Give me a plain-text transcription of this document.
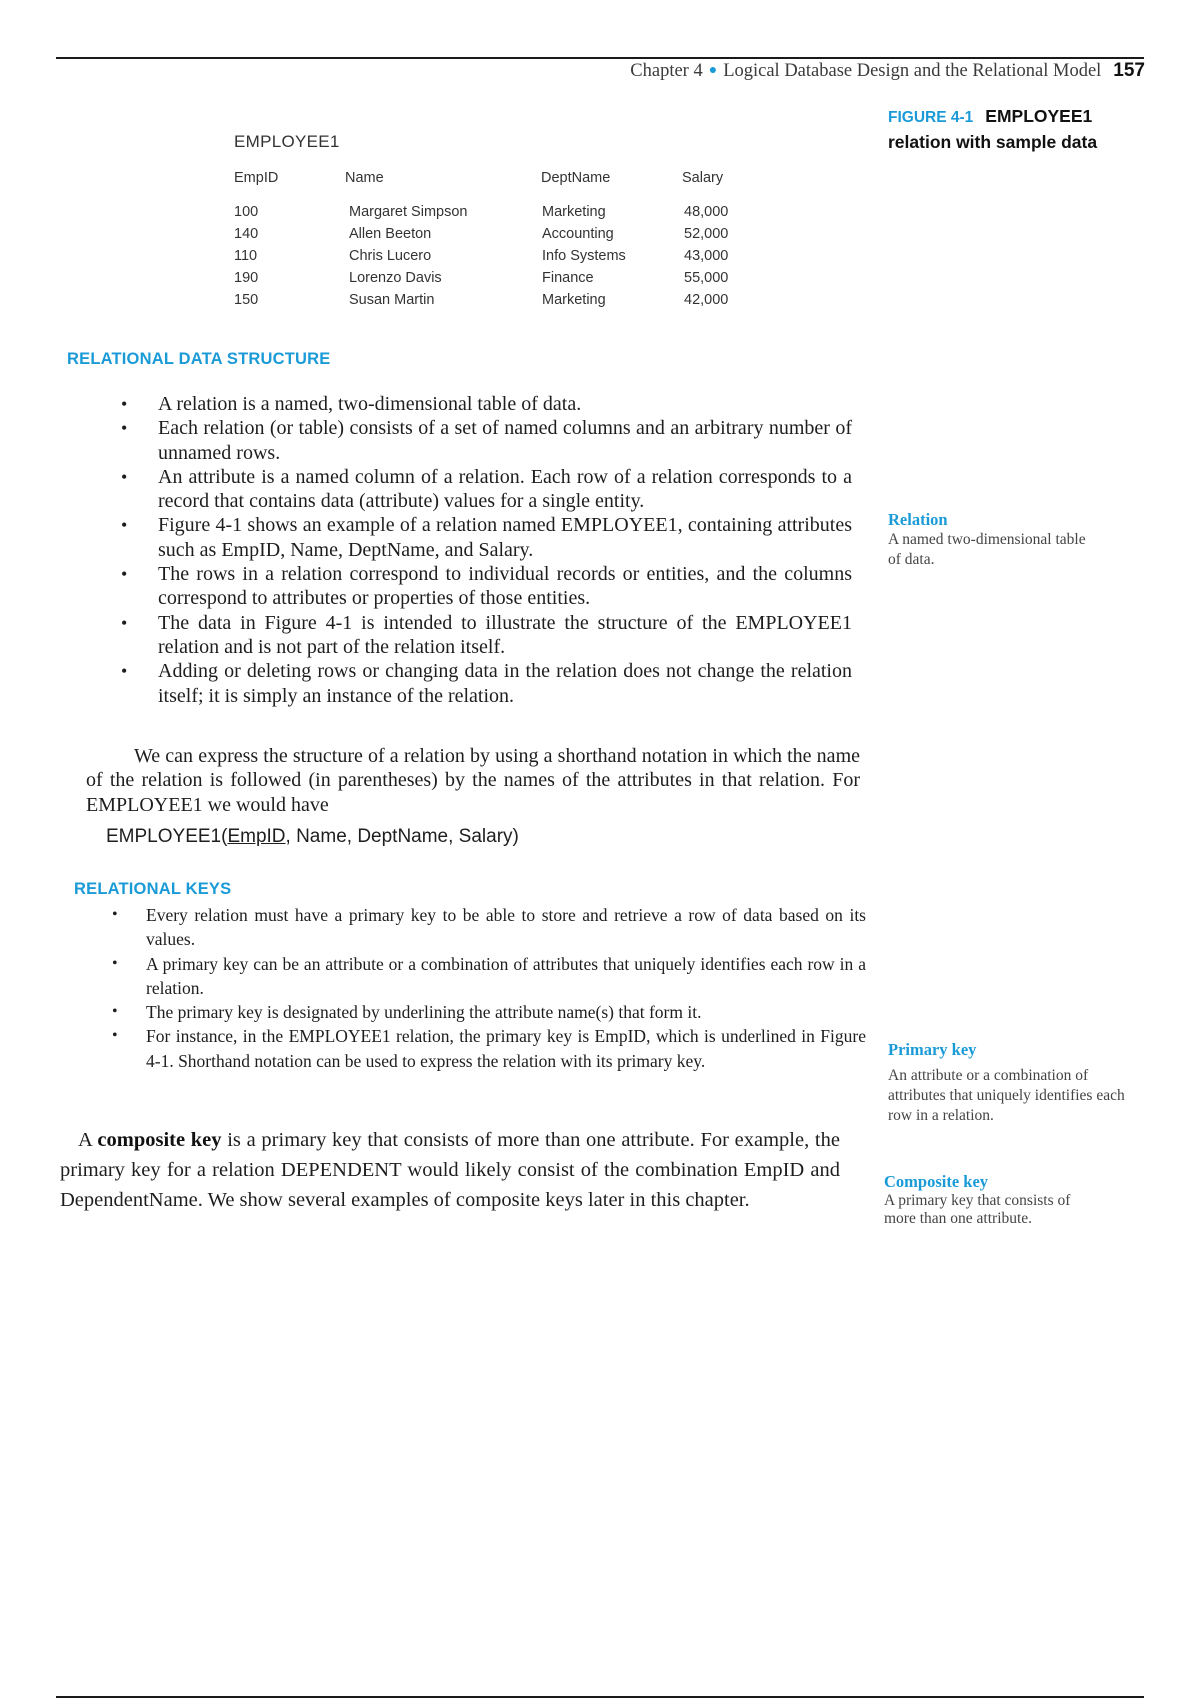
Chapter 4 ● Logical Database Design and the Relational Model 157
FIGURE 4-1 EMPLOYEE1
relation with sample data
EMPLOYEE1
EmpID	Name	DeptName	Salary
100	Margaret Simpson	Marketing	48,000
140	Allen Beeton	Accounting	52,000
110	Chris Lucero	Info Systems	43,000
190	Lorenzo Davis	Finance	55,000
150	Susan Martin	Marketing	42,000
RELATIONAL DATA STRUCTURE
• A relation is a named, two-dimensional table of data.
• Each relation (or table) consists of a set of named columns and an arbitrary number of unnamed rows.
• An attribute is a named column of a relation. Each row of a relation corresponds to a record that contains data (attribute) values for a single entity.
• Figure 4-1 shows an example of a relation named EMPLOYEE1, containing attributes such as EmpID, Name, DeptName, and Salary.
• The rows in a relation correspond to individual records or entities, and the columns correspond to attributes or properties of those entities.
• The data in Figure 4-1 is intended to illustrate the structure of the EMPLOYEE1 relation and is not part of the relation itself.
• Adding or deleting rows or changing data in the relation does not change the relation itself; it is simply an instance of the relation.
We can express the structure of a relation by using a shorthand notation in which the name of the relation is followed (in parentheses) by the names of the attributes in that relation. For EMPLOYEE1 we would have
EMPLOYEE1(EmpID, Name, DeptName, Salary)
RELATIONAL KEYS
• Every relation must have a primary key to be able to store and retrieve a row of data based on its values.
• A primary key can be an attribute or a combination of attributes that uniquely identifies each row in a relation.
• The primary key is designated by underlining the attribute name(s) that form it.
• For instance, in the EMPLOYEE1 relation, the primary key is EmpID, which is underlined in Figure 4-1. Shorthand notation can be used to express the relation with its primary key.
A composite key is a primary key that consists of more than one attribute. For example, the primary key for a relation DEPENDENT would likely consist of the combination EmpID and DependentName. We show several examples of composite keys later in this chapter.
Relation
A named two-dimensional table of data.
Primary key
An attribute or a combination of attributes that uniquely identifies each row in a relation.
Composite key
A primary key that consists of more than one attribute.
